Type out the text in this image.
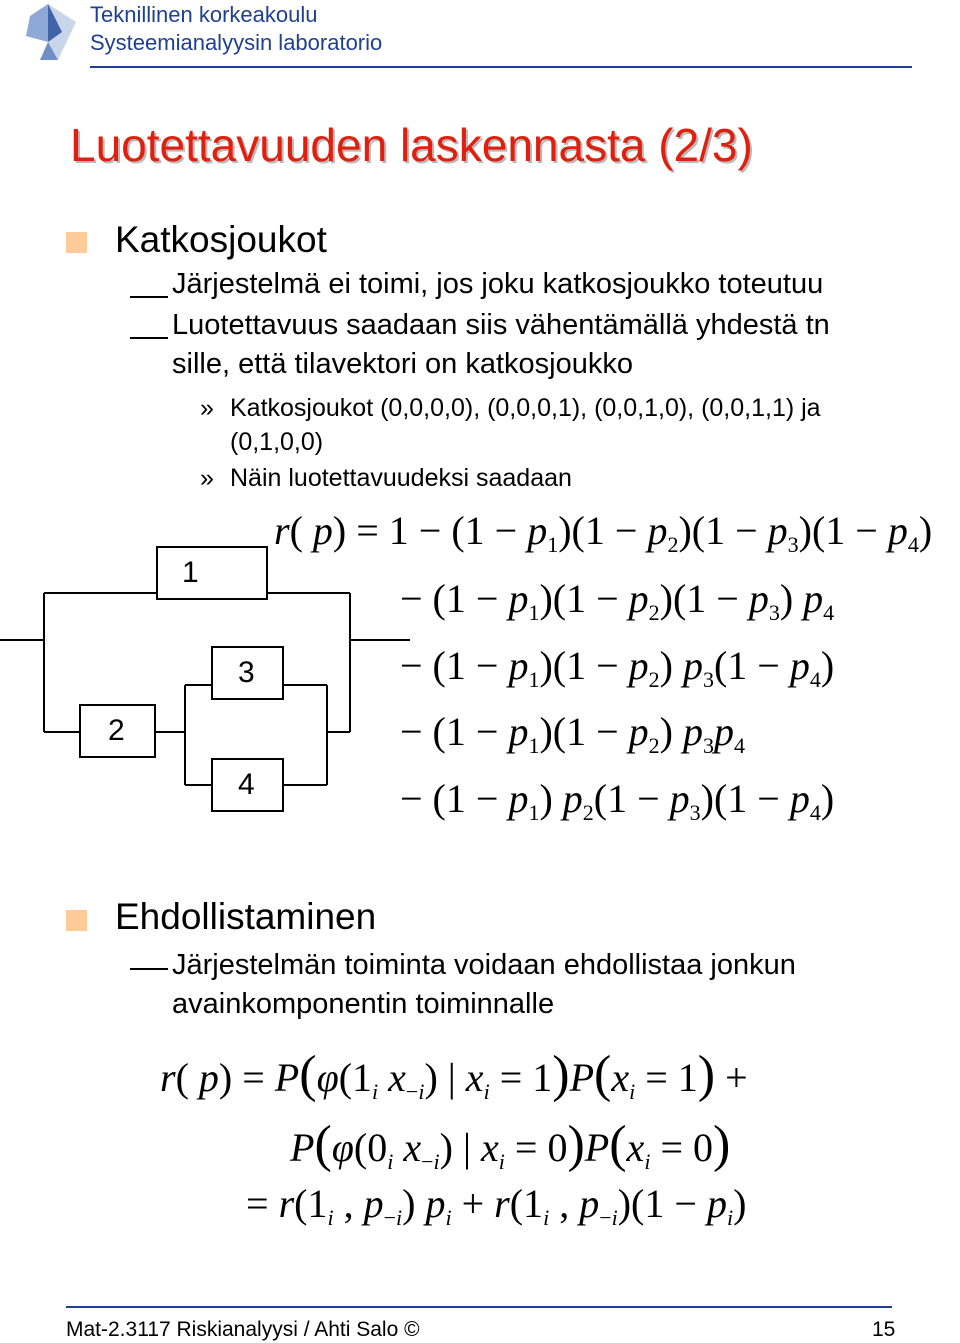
Teknillinen korkeakoulu
Systeemianalyysin laboratorio
Luotettavuuden laskennasta (2/3)
Katkosjoukot
Järjestelmä ei toimi, jos joku katkosjoukko toteutuu
Luotettavuus saadaan siis vähentämällä yhdestä tn
sille, että tilavektori on katkosjoukko
» Katkosjoukot (0,0,0,0), (0,0,0,1), (0,0,1,0), (0,0,1,1) ja
(0,1,0,0)
» Näin luotettavuudeksi saadaan
1
2
3
4
r( $p) = 1 - (1 - p_1)(1 - p_2)(1 - p_3)(1 - p_4)$
− $(1 - p_1)(1 - p_2)(1 - p_3)$ $p_4$
− $(1 - p_1)(1 - p_2)$ $p_3(1 - p_4)$
− $(1 - p_1)(1 - p_2)$ $p_3p_4$
− $(1 - p_1)$ $p_2(1 - p_3)(1 - p_4)$
Ehdollistaminen
Järjestelmän toiminta voidaan ehdollistaa jonkun
avainkomponentin toiminnalle
r( $p) = P(\varphi(1_i$ $x_{-i}$) | $x_i = 1)P(x_i = 1)$ +
$P(\varphi(0_i$ $x_{-i}$) | $x_i = 0)P(x_i = 0)$
= $r(1_i$ , $p_{-i}$) $p_i + r(1_i$ , $p_{-i})(1 - p_i)$
Mat-2.3117 Riskianalyysi / Ahti Salo ©	15
